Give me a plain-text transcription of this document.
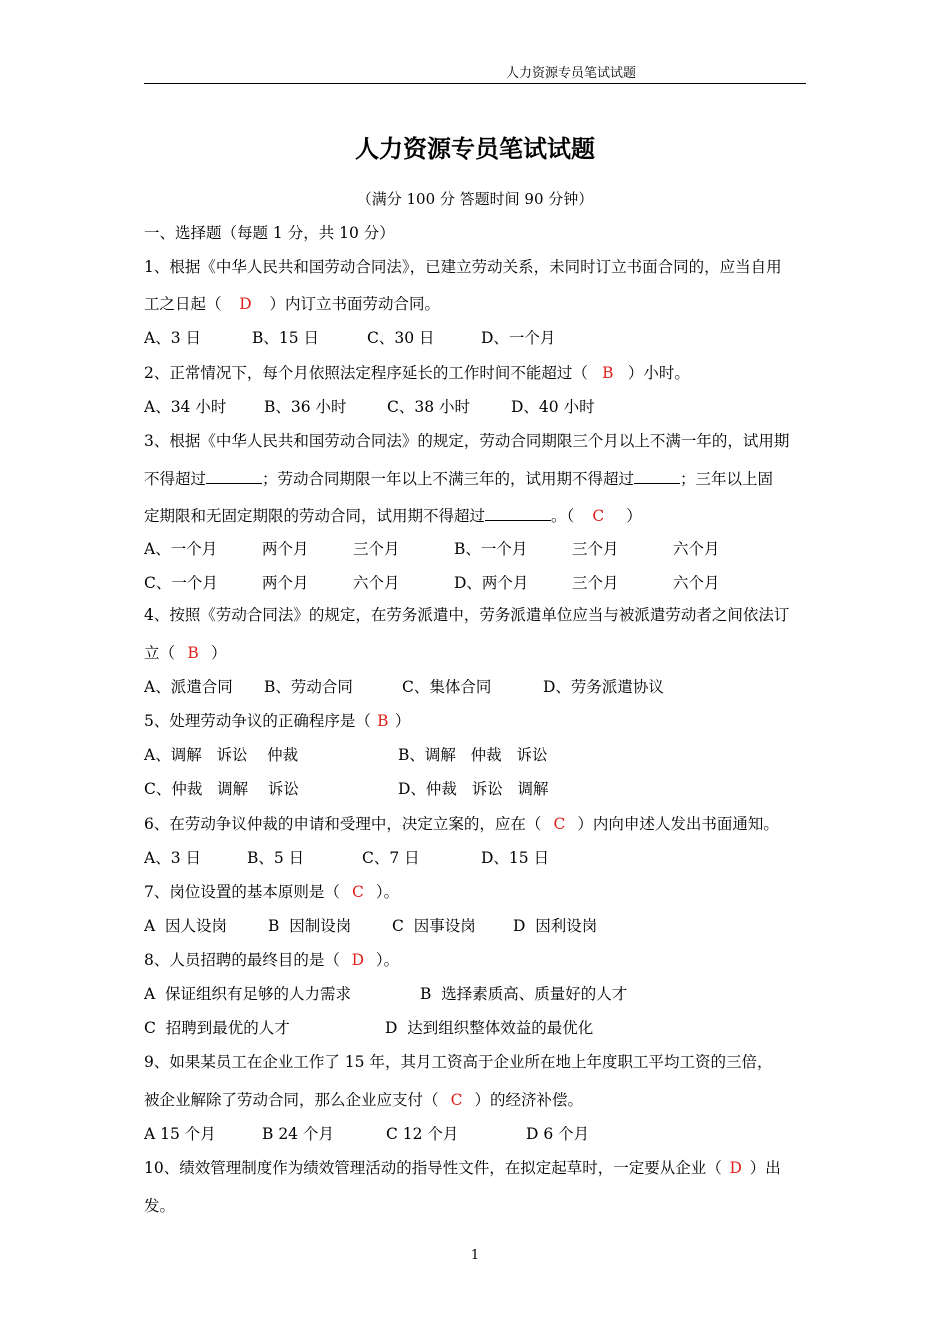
人力资源专员笔试试题
人力资源专员笔试试题
（满分 100 分 答题时间 90 分钟）
一、选择题（每题 1 分，共 10 分）
1、根据《中华人民共和国劳动合同法》，已建立劳动关系，未同时订立书面合同的，应当自用
工之日起（ D ）内订立书面劳动合同。
A、3 日	B、15 日	C、30 日	D、一个月
2、正常情况下，每个月依照法定程序延长的工作时间不能超过（ B ）小时。
A、34 小时 B、36 小时	C、38 小时	D、40 小时
3、根据《中华人民共和国劳动合同法》的规定，劳动合同期限三个月以上不满一年的，试用期
不得超过	；劳动合同期限一年以上不满三年的，试用期不得超过	；三年以上固
定期限和无固定期限的劳动合同，试用期不得超过	。（ C ）
A、一个月	两个月	三个月	B、一个月	三个月	六个月
C、一个月	两个月	六个月	D、两个月	三个月	六个月
4、按照《劳动合同法》的规定，在劳务派遣中，劳务派遣单位应当与被派遣劳动者之间依法订
立（ B ）
A、派遣合同 B、劳动合同	C、集体合同	D、劳务派遣协议
5、处理劳动争议的正确程序是（ B ）
A、调解   诉讼    仲裁	B、调解   仲裁   诉讼
C、仲裁   调解    诉讼	D、仲裁   诉讼   调解
6、在劳动争议仲裁的申请和受理中，决定立案的，应在（ C ）内向申述人发出书面通知。
A、3 日	B、5 日	C、7 日	D、15 日
7、岗位设置的基本原则是（ C ）。
A  因人设岗	B  因制设岗	C  因事设岗 D  因利设岗
8、人员招聘的最终目的是（ D ）。
A  保证组织有足够的人力需求	B  选择素质高、质量好的人才
C  招聘到最优的人才	D  达到组织整体效益的最优化
9、如果某员工在企业工作了 15 年，其月工资高于企业所在地上年度职工平均工资的三倍，
被企业解除了劳动合同，那么企业应支付（ C ）的经济补偿。
A 15 个月	B 24 个月	C 12 个月	D 6 个月
10、绩效管理制度作为绩效管理活动的指导性文件，在拟定起草时，一定要从企业（ D ）出
发。
1
